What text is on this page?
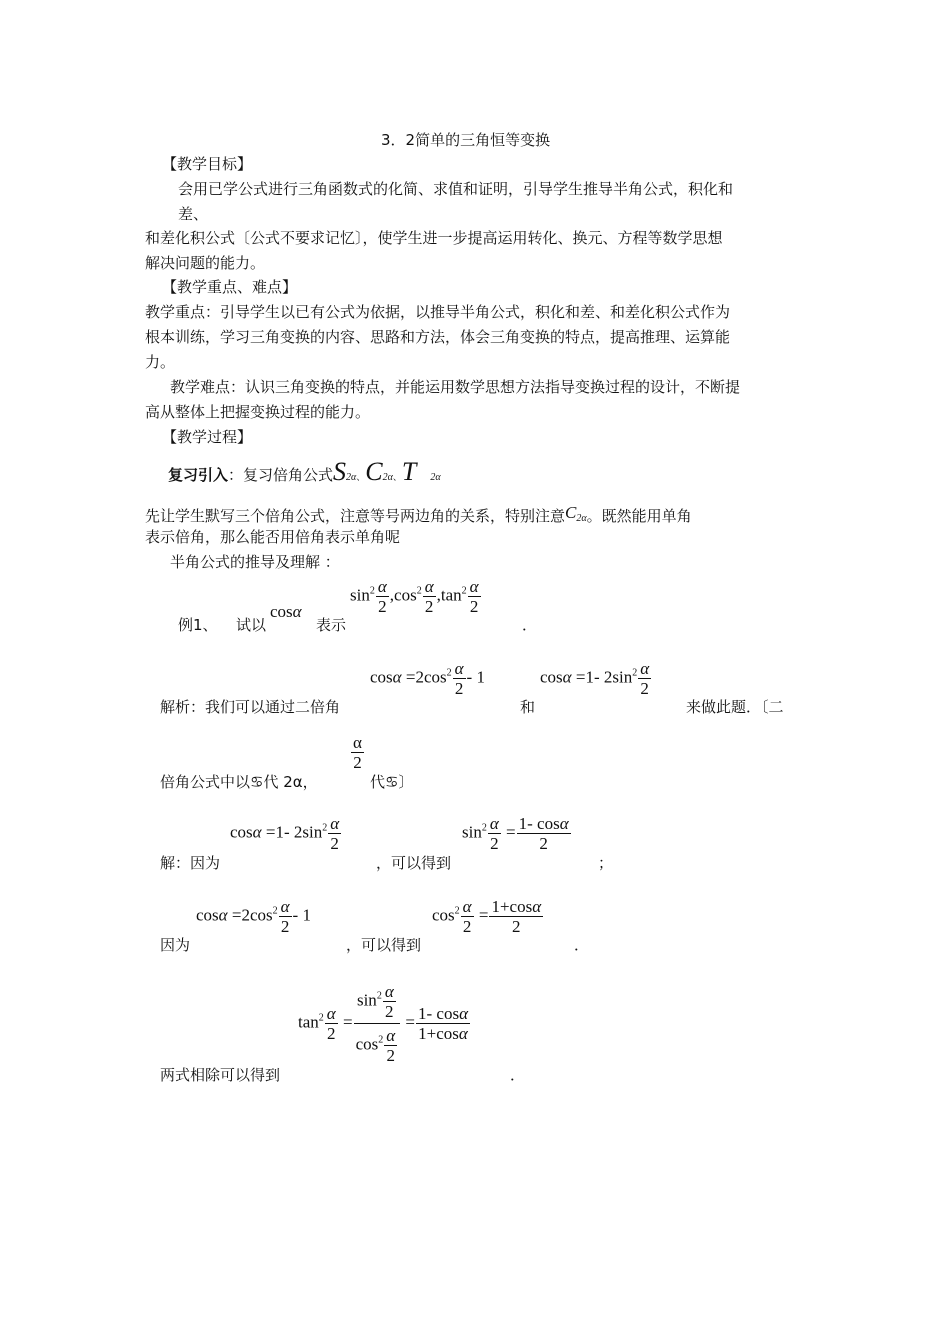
3．2简单的三角恒等变换
【教学目标】
会用已学公式进行三角函数式的化简、求值和证明，引导学生推导半角公式，积化和
差、
和差化积公式〔公式不要求记忆〕，使学生进一步提高运用转化、换元、方程等数学思想
解决问题的能力。
【教学重点、难点】
教学重点：引导学生以已有公式为依据，以推导半角公式，积化和差、和差化积公式作为
根本训练，学习三角变换的内容、思路和方法，体会三角变换的特点，提高推理、运算能
力。
教学难点：认识三角变换的特点，并能运用数学思想方法指导变换过程的设计，不断提
高从整体上把握变换过程的能力。
【教学过程】
复习引入：复习倍角公式S2α、C2α、T 2α
先让学生默写三个倍角公式，注意等号两边角的关系，特别注意C2α。既然能用单角
表示倍角，那么能否用倍角表示单角呢
半角公式的推导及理解 ：
例1、 试以
cosα
表示
$\sin^2 \frac{\alpha}{2} ,\cos^2 \frac{\alpha}{2} ,\tan^2 \frac{\alpha}{2}$
．
$\cos\alpha =2\cos^2 \frac{\alpha}{2} - 1$	cosα =1- $2\sin^2 \frac{\alpha}{2}$
解析：我们可以通过二倍角	和	来做此题．〔二
$\frac{\alpha}{2}$
倍角公式中以♋代 2α，	代♋〕
cosα =1- $2\sin^2 \frac{\alpha}{2}$	$\sin^2 \frac{\alpha}{2} = \frac{1- \cos\alpha}{2}$
解：因为	，可以得到	；
$\cos\alpha =2\cos^2 \frac{\alpha}{2} - 1$	$\cos^2 \frac{\alpha}{2} = \frac{1+\cos\alpha}{2}$
因为	，可以得到	．
$\tan^2 \frac{\alpha}{2} = \frac{\sin^2 \frac{\alpha}{2}}{\cos^2 \frac{\alpha}{2}} = \frac{1- \cos\alpha}{1+\cos\alpha}$
两式相除可以得到	．
